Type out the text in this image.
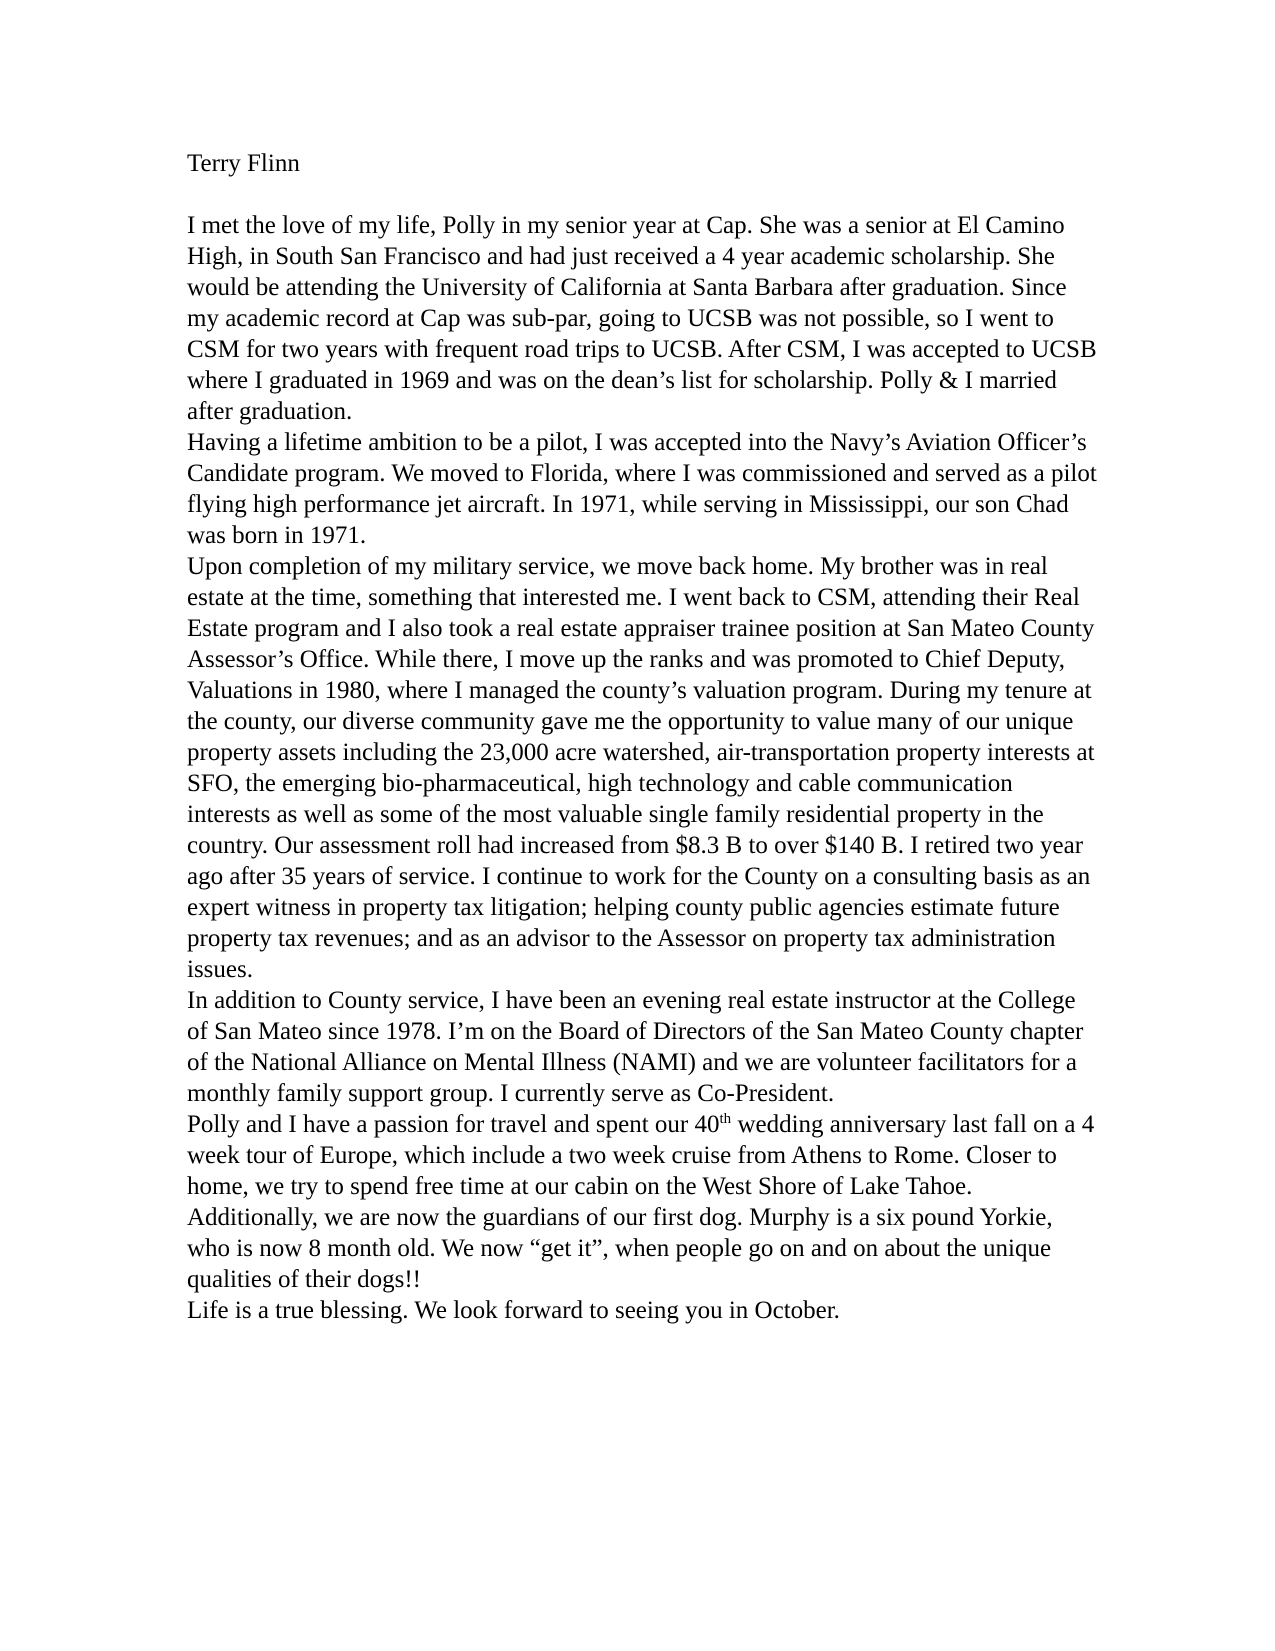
Terry Flinn

I met the love of my life, Polly in my senior year at Cap. She was a senior at El Camino High, in South San Francisco and had just received a 4 year academic scholarship. She would be attending the University of California at Santa Barbara after graduation. Since my academic record at Cap was sub-par, going to UCSB was not possible, so I went to CSM for two years with frequent road trips to UCSB. After CSM, I was accepted to UCSB where I graduated in 1969 and was on the dean’s list for scholarship. Polly & I married after graduation.

Having a lifetime ambition to be a pilot, I was accepted into the Navy’s Aviation Officer’s Candidate program. We moved to Florida, where I was commissioned and served as a pilot flying high performance jet aircraft. In 1971, while serving in Mississippi, our son Chad was born in 1971.

Upon completion of my military service, we move back home. My brother was in real estate at the time, something that interested me. I went back to CSM, attending their Real Estate program and I also took a real estate appraiser trainee position at San Mateo County Assessor’s Office. While there, I move up the ranks and was promoted to Chief Deputy, Valuations in 1980, where I managed the county’s valuation program. During my tenure at the county, our diverse community gave me the opportunity to value many of our unique property assets including the 23,000 acre watershed, air-transportation property interests at SFO, the emerging bio-pharmaceutical, high technology and cable communication interests as well as some of the most valuable single family residential property in the country. Our assessment roll had increased from $8.3 B to over $140 B. I retired two year ago after 35 years of service. I continue to work for the County on a consulting basis as an expert witness in property tax litigation; helping county public agencies estimate future property tax revenues; and as an advisor to the Assessor on property tax administration issues.

In addition to County service, I have been an evening real estate instructor at the College of San Mateo since 1978. I’m on the Board of Directors of the San Mateo County chapter of the National Alliance on Mental Illness (NAMI) and we are volunteer facilitators for a monthly family support group. I currently serve as Co-President.

Polly and I have a passion for travel and spent our 40th wedding anniversary last fall on a 4 week tour of Europe, which include a two week cruise from Athens to Rome. Closer to home, we try to spend free time at our cabin on the West Shore of Lake Tahoe. Additionally, we are now the guardians of our first dog. Murphy is a six pound Yorkie, who is now 8 month old. We now “get it”, when people go on and on about the unique qualities of their dogs!!

Life is a true blessing. We look forward to seeing you in October.
